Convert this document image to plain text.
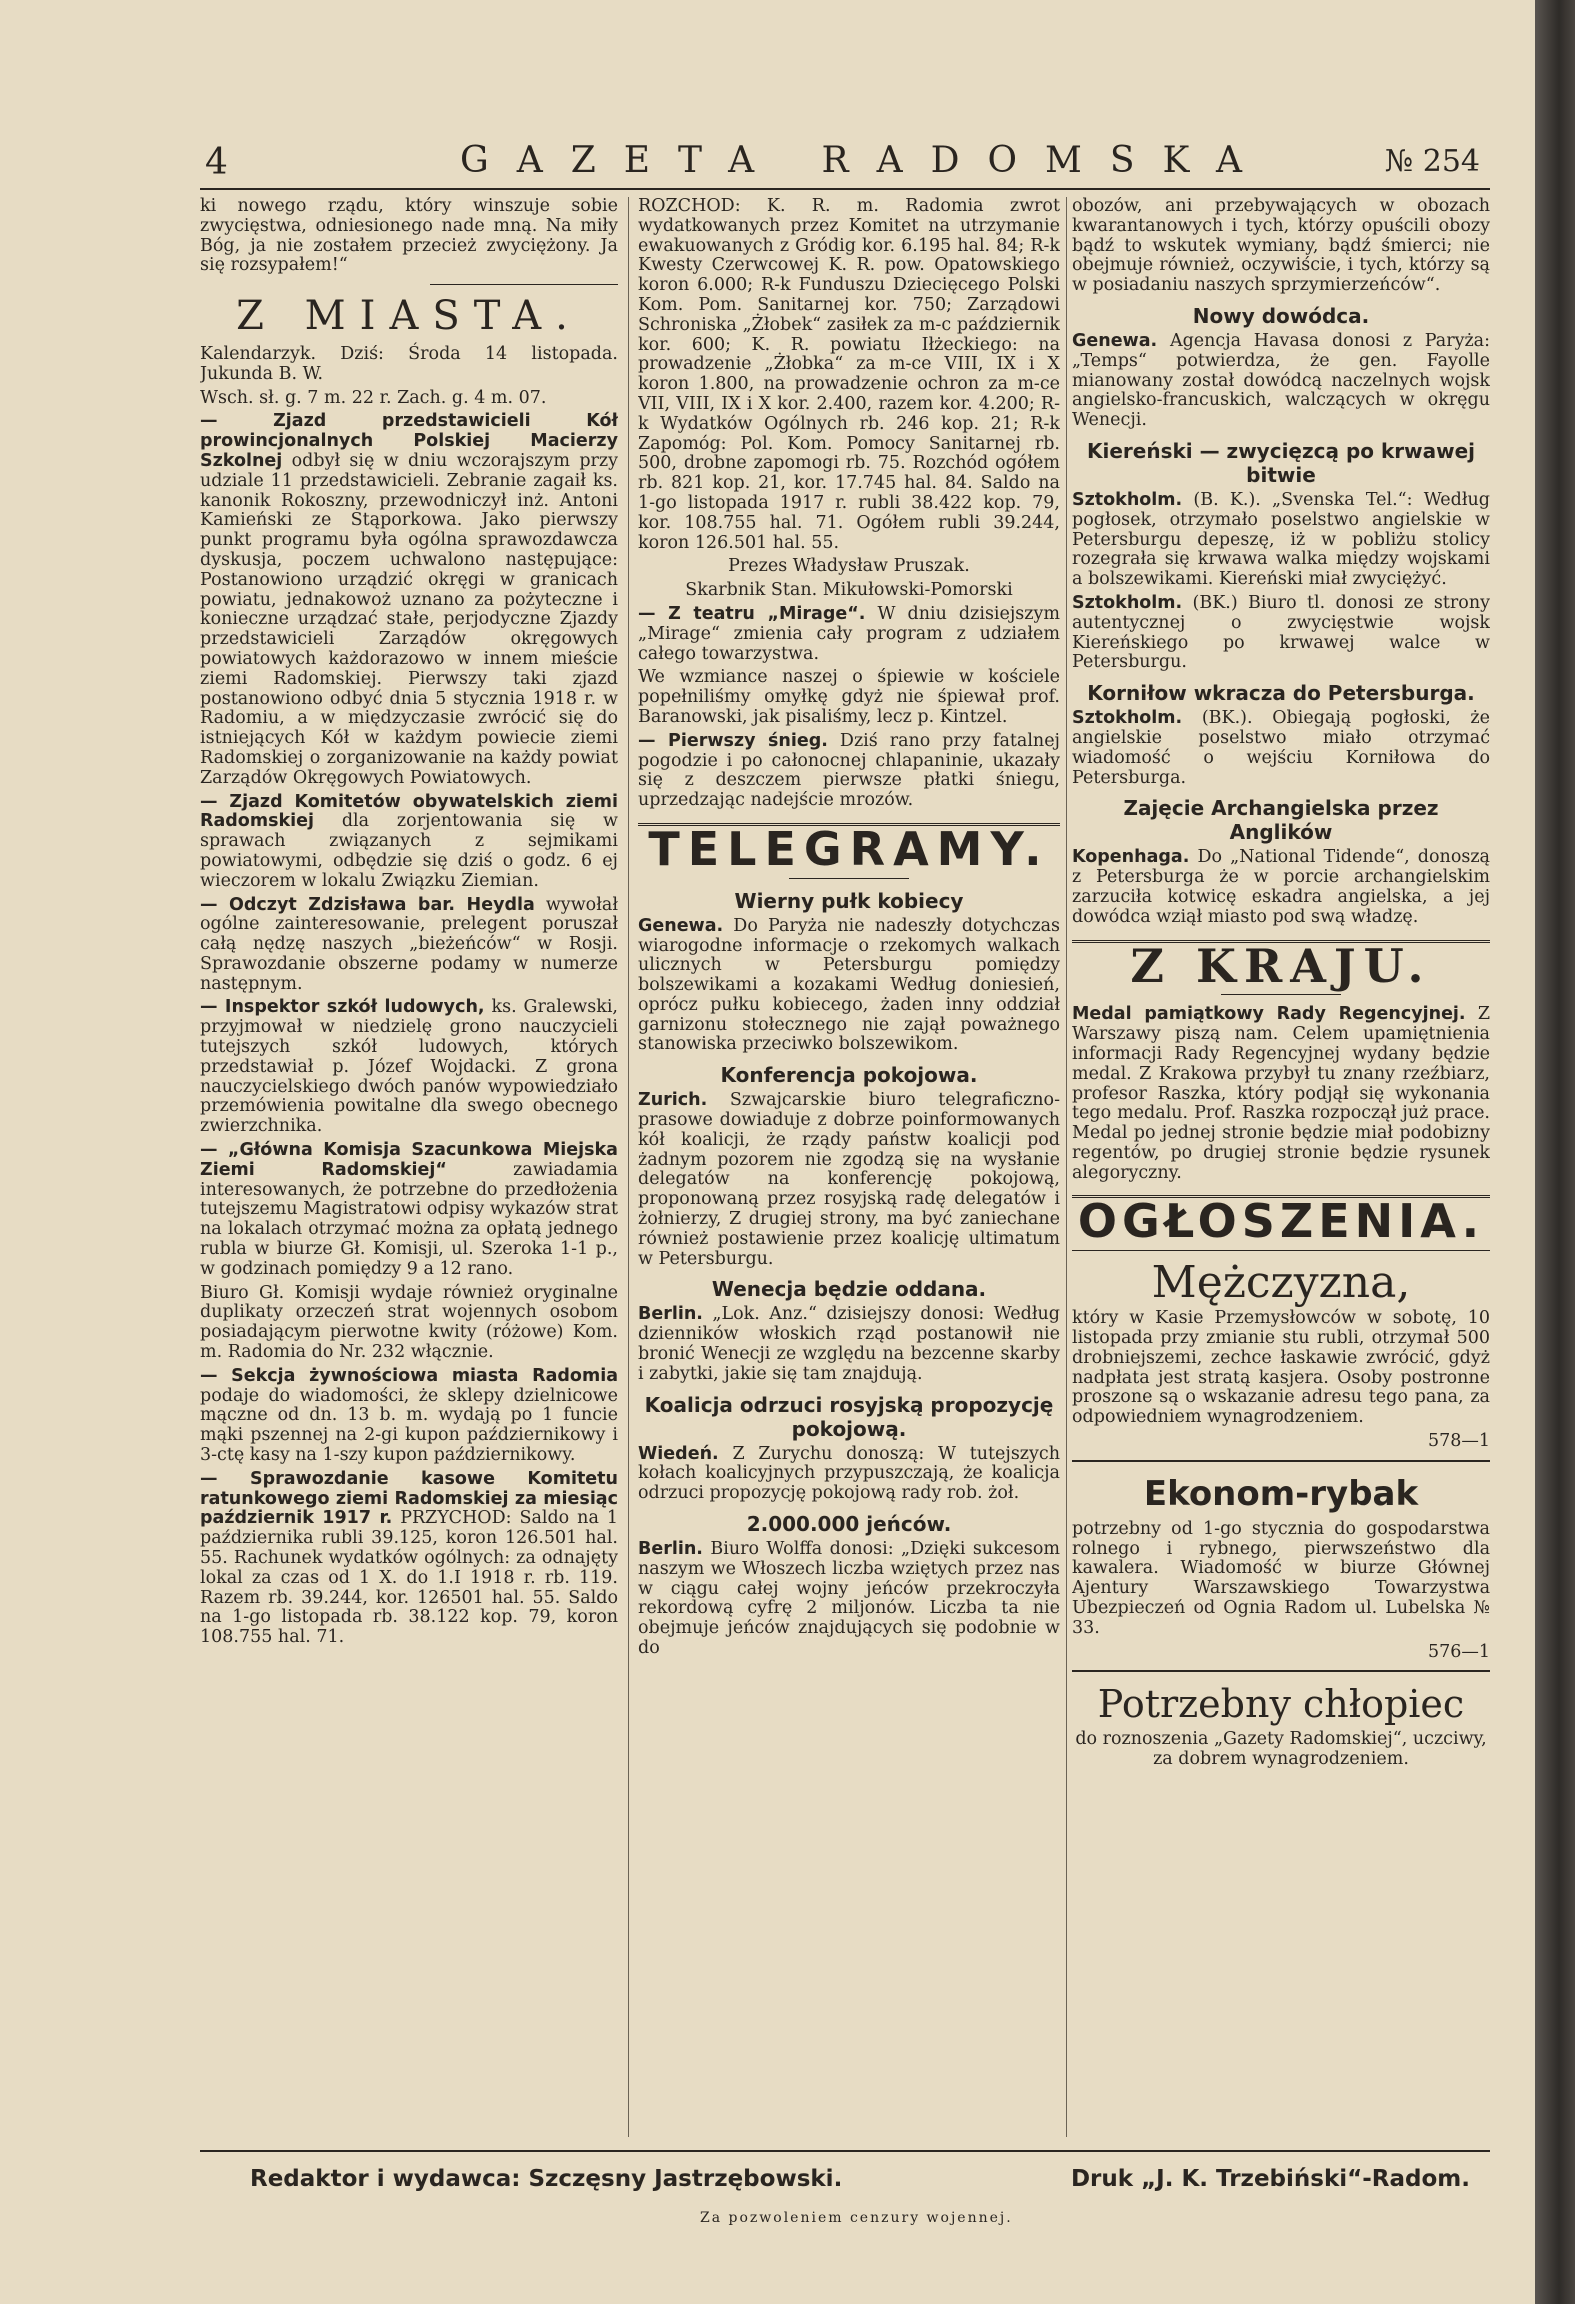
4	GAZETA RADOMSKA	№ 254

ki nowego rządu, który winszuje sobie zwycięstwa, odniesionego nade mną. Na miły Bóg, ja nie zostałem przecież zwyciężony. Ja się rozsypałem!“

Z MIASTA.

Kalendarzyk. Dziś: Środa 14 listopada. Jukunda B. W.

Wsch. sł. g. 7 m. 22 r. Zach. g. 4 m. 07.

— Zjazd przedstawicieli Kół prowincjonalnych Polskiej Macierzy Szkolnej odbył się w dniu wczorajszym przy udziale 11 przedstawicieli. Zebranie zagaił ks. kanonik Rokoszny, przewodniczył inż. Antoni Kamieński ze Stąporkowa. Jako pierwszy punkt programu była ogólna sprawozdawcza dyskusja, poczem uchwalono następujące: Postanowiono urządzić okręgi w granicach powiatu, jednakowoż uznano za pożyteczne i konieczne urządzać stałe, perjodyczne Zjazdy przedstawicieli Zarządów okręgowych powiatowych każdorazowo w innem mieście ziemi Radomskiej. Pierwszy taki zjazd postanowiono odbyć dnia 5 stycznia 1918 r. w Radomiu, a w międzyczasie zwrócić się do istniejących Kół w każdym powiecie ziemi Radomskiej o zorganizowanie na każdy powiat Zarządów Okręgowych Powiatowych.

— Zjazd Komitetów obywatelskich ziemi Radomskiej dla zorjentowania się w sprawach związanych z sejmikami powiatowymi, odbędzie się dziś o godz. 6 ej wieczorem w lokalu Związku Ziemian.

— Odczyt Zdzisława bar. Heydla wywołał ogólne zainteresowanie, prelegent poruszał całą nędzę naszych „bieżeńców“ w Rosji. Sprawozdanie obszerne podamy w numerze następnym.

— Inspektor szkół ludowych, ks. Gralewski, przyjmował w niedzielę grono nauczycieli tutejszych szkół ludowych, których przedstawiał p. Józef Wojdacki. Z grona nauczycielskiego dwóch panów wypowiedziało przemówienia powitalne dla swego obecnego zwierzchnika.

— „Główna Komisja Szacunkowa Miejska Ziemi Radomskiej“	zawiadamia interesowanych, że potrzebne do przedłożenia tutejszemu Magistratowi odpisy wykazów strat na lokalach otrzymać można za opłatą jednego rubla w biurze Gł. Komisji, ul. Szeroka 1-1 p., w godzinach pomiędzy 9 a 12 rano.

Biuro Gł. Komisji wydaje również oryginalne duplikaty orzeczeń strat wojennych osobom posiadającym pierwotne kwity (różowe) Kom. m. Radomia do Nr. 232 włącznie.

— Sekcja żywnościowa miasta Radomia podaje do wiadomości, że sklepy dzielnicowe mączne od dn. 13 b. m. wydają po 1 funcie mąki pszennej na 2-gi kupon październikowy i 3-ctę kasy na 1-szy kupon październikowy.

— Sprawozdanie kasowe Komitetu ratunkowego ziemi Radomskiej za miesiąc październik 1917 r. PRZYCHOD: Saldo na 1 października rubli 39.125, koron 126.501 hal. 55. Rachunek wydatków ogólnych: za odnajęty lokal za czas od 1 X. do 1.I 1918 r. rb. 119. Razem rb. 39.244, kor. 126501 hal. 55. Saldo na 1-go listopada rb. 38.122 kop. 79, koron 108.755 hal. 71.

ROZCHOD: K. R. m. Radomia zwrot wydatkowanych przez Komitet na utrzymanie ewakuowanych z Gródig kor. 6.195 hal. 84; R-k Kwesty Czerwcowej K. R. pow. Opatowskiego koron 6.000; R-k Funduszu Dziecięcego Polski Kom. Pom. Sanitarnej kor. 750; Zarządowi Schroniska „Żłobek“ zasiłek za m-c październik kor. 600; K. R. powiatu Iłżeckiego: na prowadzenie „Żłobka“ za m-ce VIII, IX i X koron 1.800, na prowadzenie ochron za m-ce VII, VIII, IX i X kor. 2.400, razem kor. 4.200; R-k Wydatków Ogólnych rb. 246 kop. 21; R-k Zapomóg: Pol. Kom. Pomocy Sanitarnej rb. 500, drobne zapomogi rb. 75. Rozchód ogółem rb. 821 kop. 21, kor. 17.745 hal. 84. Saldo na 1-go listopada 1917 r. rubli 38.422 kop. 79, kor. 108.755 hal. 71. Ogółem rubli 39.244, koron 126.501 hal. 55.

Prezes Władysław Pruszak.

Skarbnik Stan. Mikułowski-Pomorski

— Z teatru „Mirage“. W dniu dzisiejszym „Mirage“ zmienia cały program z udziałem całego towarzystwa.

We wzmiance naszej o śpiewie w kościele popełniliśmy omyłkę gdyż nie śpiewał prof. Baranowski, jak pisaliśmy, lecz p. Kintzel.

— Pierwszy śnieg. Dziś rano przy fatalnej pogodzie i po całonocnej chlapaninie, ukazały się z deszczem pierwsze płatki śniegu, uprzedzając nadejście mrozów.

TELEGRAMY.
Wierny pułk kobiecy

Genewa. Do Paryża nie nadeszły dotychczas wiarogodne informacje o rzekomych walkach ulicznych w Petersburgu pomiędzy bolszewikami a kozakami Według doniesień, oprócz pułku kobiecego, żaden inny oddział garnizonu stołecznego nie zajął poważnego stanowiska przeciwko bolszewikom.

Konferencja pokojowa.

Zurich. Szwajcarskie biuro telegraficzno-prasowe dowiaduje z dobrze poinformowanych kół koalicji, że rządy państw koalicji pod żadnym pozorem nie zgodzą się na wysłanie delegatów na konferencję pokojową, proponowaną przez rosyjską radę delegatów i żołnierzy, Z drugiej strony, ma być zaniechane również postawienie przez koalicję ultimatum w Petersburgu.

Wenecja będzie oddana.

Berlin. „Lok. Anz.“ dzisiejszy donosi: Według dzienników włoskich rząd postanowił nie bronić Wenecji ze względu na bezcenne skarby i zabytki, jakie się tam znajdują.

Koalicja odrzuci rosyjską propozycję pokojową.

Wiedeń. Z Zurychu donoszą: W tutejszych kołach koalicyjnych przypuszczają, że koalicja odrzuci propozycję pokojową rady rob. żoł.

2.000.000 jeńców.

Berlin. Biuro Wolffa donosi: „Dzięki sukcesom naszym we Włoszech liczba wziętych przez nas w ciągu całej wojny jeńców przekroczyła rekordową cyfrę 2 miljonów. Liczba ta nie obejmuje jeńców znajdujących się podobnie w do

obozów, ani przebywających w obozach kwarantanowych i tych, którzy opuścili obozy bądź to wskutek wymiany, bądź śmierci; nie obejmuje również, oczywiście, i tych, którzy są w posiadaniu naszych sprzymierzeńców“.

Nowy dowódca.

Genewa. Agencja Havasa donosi z Paryża: „Temps“ potwierdza, że gen. Fayolle mianowany został dowódcą naczelnych wojsk angielsko-francuskich, walczących w okręgu Wenecji.

Kiereński — zwycięzcą po krwawej bitwie

Sztokholm. (B. K.). „Svenska Tel.“: Według pogłosek, otrzymało poselstwo angielskie w Petersburgu depeszę, iż w pobliżu stolicy rozegrała się krwawa walka między wojskami a bolszewikami. Kiereński miał zwyciężyć.

Sztokholm. (BK.) Biuro tl. donosi ze strony autentycznej o zwycięstwie wojsk Kiereńskiego po krwawej walce w Petersburgu.

Korniłow wkracza do Petersburga.

Sztokholm. (BK.). Obiegają pogłoski, że angielskie poselstwo miało otrzymać wiadomość o wejściu Korniłowa do Petersburga.

Zajęcie Archangielska przez Anglików

Kopenhaga. Do „National Tidende“, donoszą z Petersburga że w porcie archangielskim zarzuciła kotwicę eskadra angielska, a jej dowódca wziął miasto pod swą władzę.

Z KRAJU.

Medal pamiątkowy Rady Regencyjnej. Z Warszawy piszą nam. Celem upamiętnienia informacji Rady Regencyjnej wydany będzie medal. Z Krakowa przybył tu znany rzeźbiarz, profesor Raszka, który podjął się wykonania tego medalu. Prof. Raszka rozpoczął już prace. Medal po jednej stronie będzie miał podobizny regentów, po drugiej stronie będzie rysunek alegoryczny.

OGŁOSZENIA.
Mężczyzna,

który w Kasie Przemysłowców w sobotę, 10 listopada przy zmianie stu rubli, otrzymał 500 drobniejszemi, zechce łaskawie zwrócić, gdyż nadpłata jest stratą kasjera. Osoby postronne proszone są o wskazanie adresu tego pana, za odpowiedniem wynagrodzeniem.

578—1

Ekonom-rybak

potrzebny od 1-go stycznia do gospodarstwa rolnego i rybnego, pierwszeństwo dla kawalera. Wiadomość w biurze Głównej Ajentury Warszawskiego Towarzystwa Ubezpieczeń od Ognia Radom ul. Lubelska № 33.

576—1

Potrzebny chłopiec

do roznoszenia „Gazety Radomskiej“, uczciwy, za dobrem wynagrodzeniem.

Redaktor i wydawca: Szczęsny Jastrzębowski.	Druk „J. K. Trzebiński“-Radom.
Za pozwoleniem cenzury wojennej.
